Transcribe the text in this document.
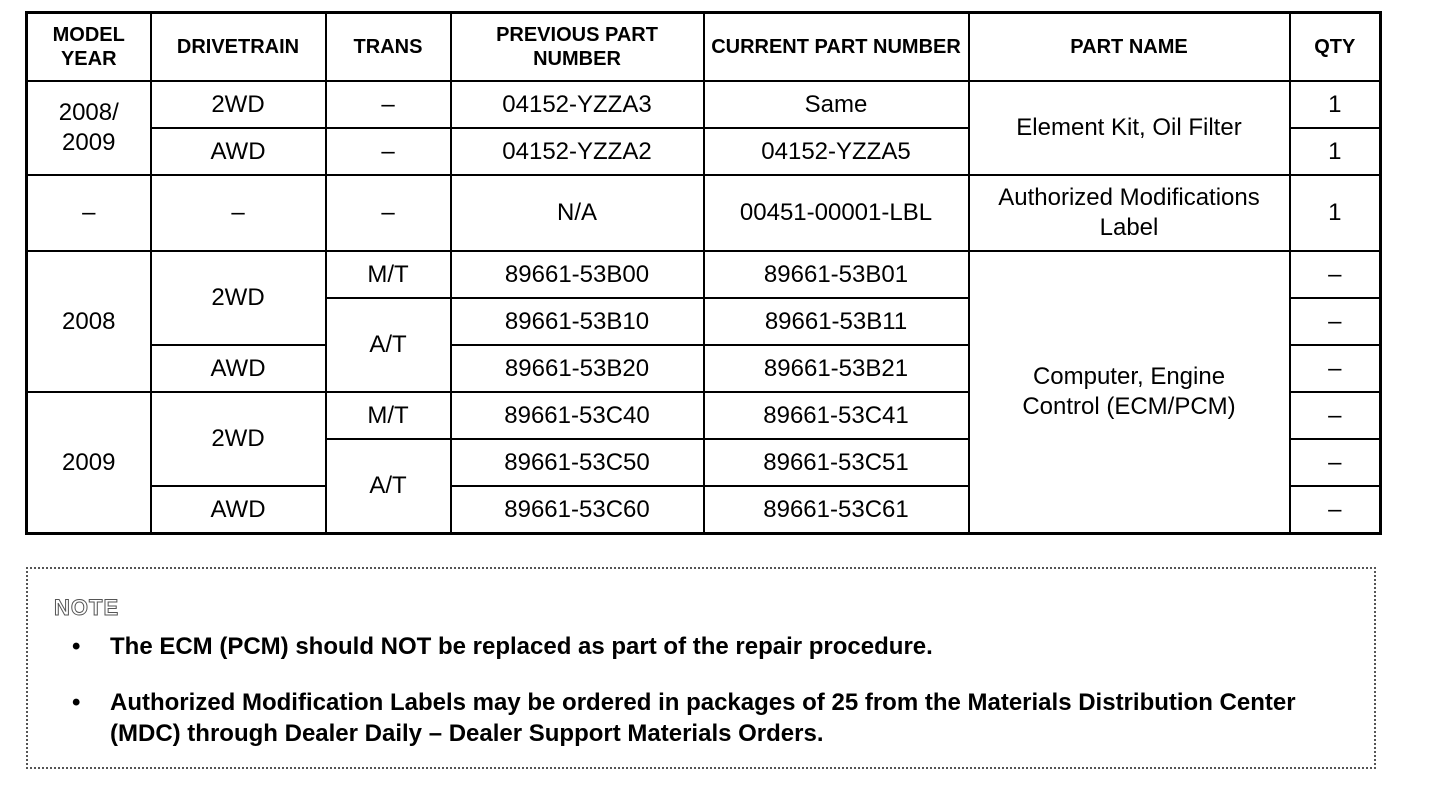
MODEL YEAR	DRIVETRAIN	TRANS	PREVIOUS PART NUMBER	CURRENT PART NUMBER	PART NAME	QTY
2008/ 2009	2WD	–	04152-YZZA3	Same	Element Kit, Oil Filter	1
	AWD	–	04152-YZZA2	04152-YZZA5		1
–	–	–	N/A	00451-00001-LBL	Authorized Modifications Label	1
2008	2WD	M/T	89661-53B00	89661-53B01	Computer, Engine Control (ECM/PCM)	–
		A/T	89661-53B10	89661-53B11		–
	AWD		89661-53B20	89661-53B21		–
2009	2WD	M/T	89661-53C40	89661-53C41		–
		A/T	89661-53C50	89661-53C51		–
	AWD		89661-53C60	89661-53C61		–
NOTE
• The ECM (PCM) should NOT be replaced as part of the repair procedure.
• Authorized Modification Labels may be ordered in packages of 25 from the Materials Distribution Center (MDC) through Dealer Daily – Dealer Support Materials Orders.
